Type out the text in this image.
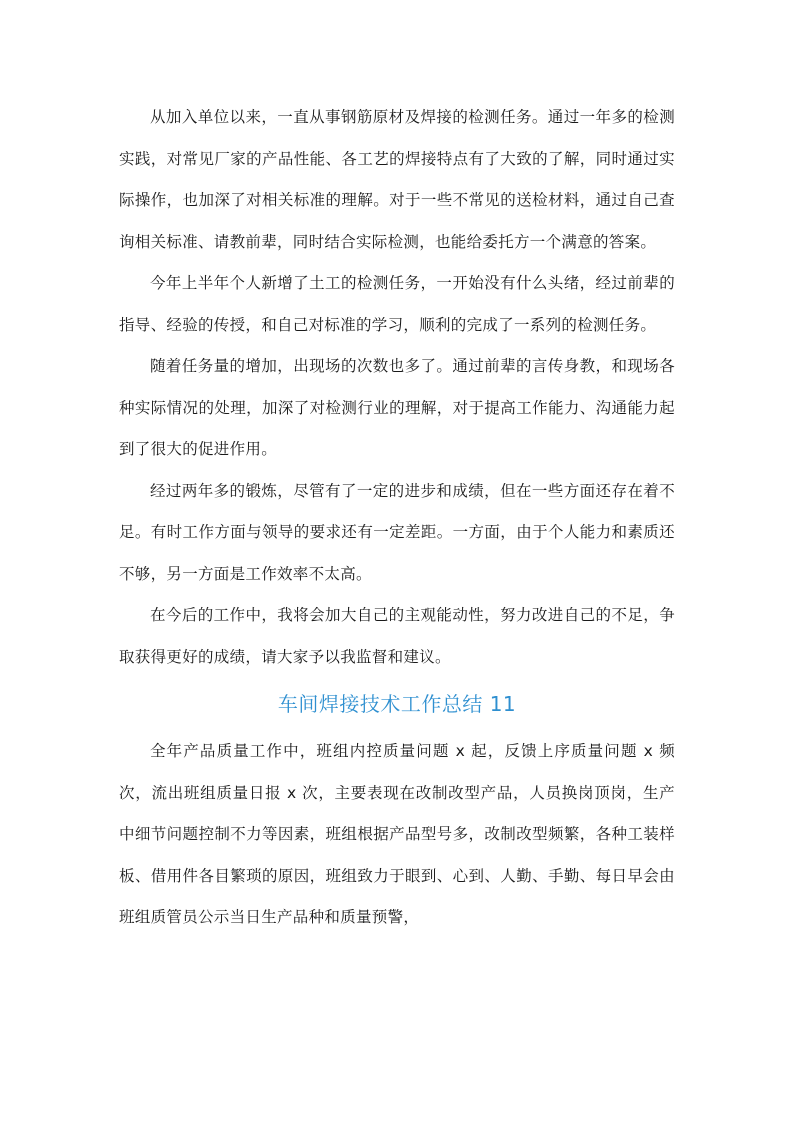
从加入单位以来，一直从事钢筋原材及焊接的检测任务。通过一年多的检测实践，对常见厂家的产品性能、各工艺的焊接特点有了大致的了解，同时通过实际操作，也加深了对相关标准的理解。对于一些不常见的送检材料，通过自己查询相关标准、请教前辈，同时结合实际检测，也能给委托方一个满意的答案。

今年上半年个人新增了土工的检测任务，一开始没有什么头绪，经过前辈的指导、经验的传授，和自己对标准的学习，顺利的完成了一系列的检测任务。

随着任务量的增加，出现场的次数也多了。通过前辈的言传身教，和现场各种实际情况的处理，加深了对检测行业的理解，对于提高工作能力、沟通能力起到了很大的促进作用。

经过两年多的锻炼，尽管有了一定的进步和成绩，但在一些方面还存在着不足。有时工作方面与领导的要求还有一定差距。一方面，由于个人能力和素质还不够，另一方面是工作效率不太高。

在今后的工作中，我将会加大自己的主观能动性，努力改进自己的不足，争取获得更好的成绩，请大家予以我监督和建议。

车间焊接技术工作总结 11

全年产品质量工作中，班组内控质量问题 x 起，反馈上序质量问题 x 频次，流出班组质量日报 x 次，主要表现在改制改型产品，人员换岗顶岗，生产中细节问题控制不力等因素，班组根据产品型号多，改制改型频繁，各种工装样板、借用件各目繁琐的原因，班组致力于眼到、心到、人勤、手勤、每日早会由班组质管员公示当日生产品种和质量预警，
